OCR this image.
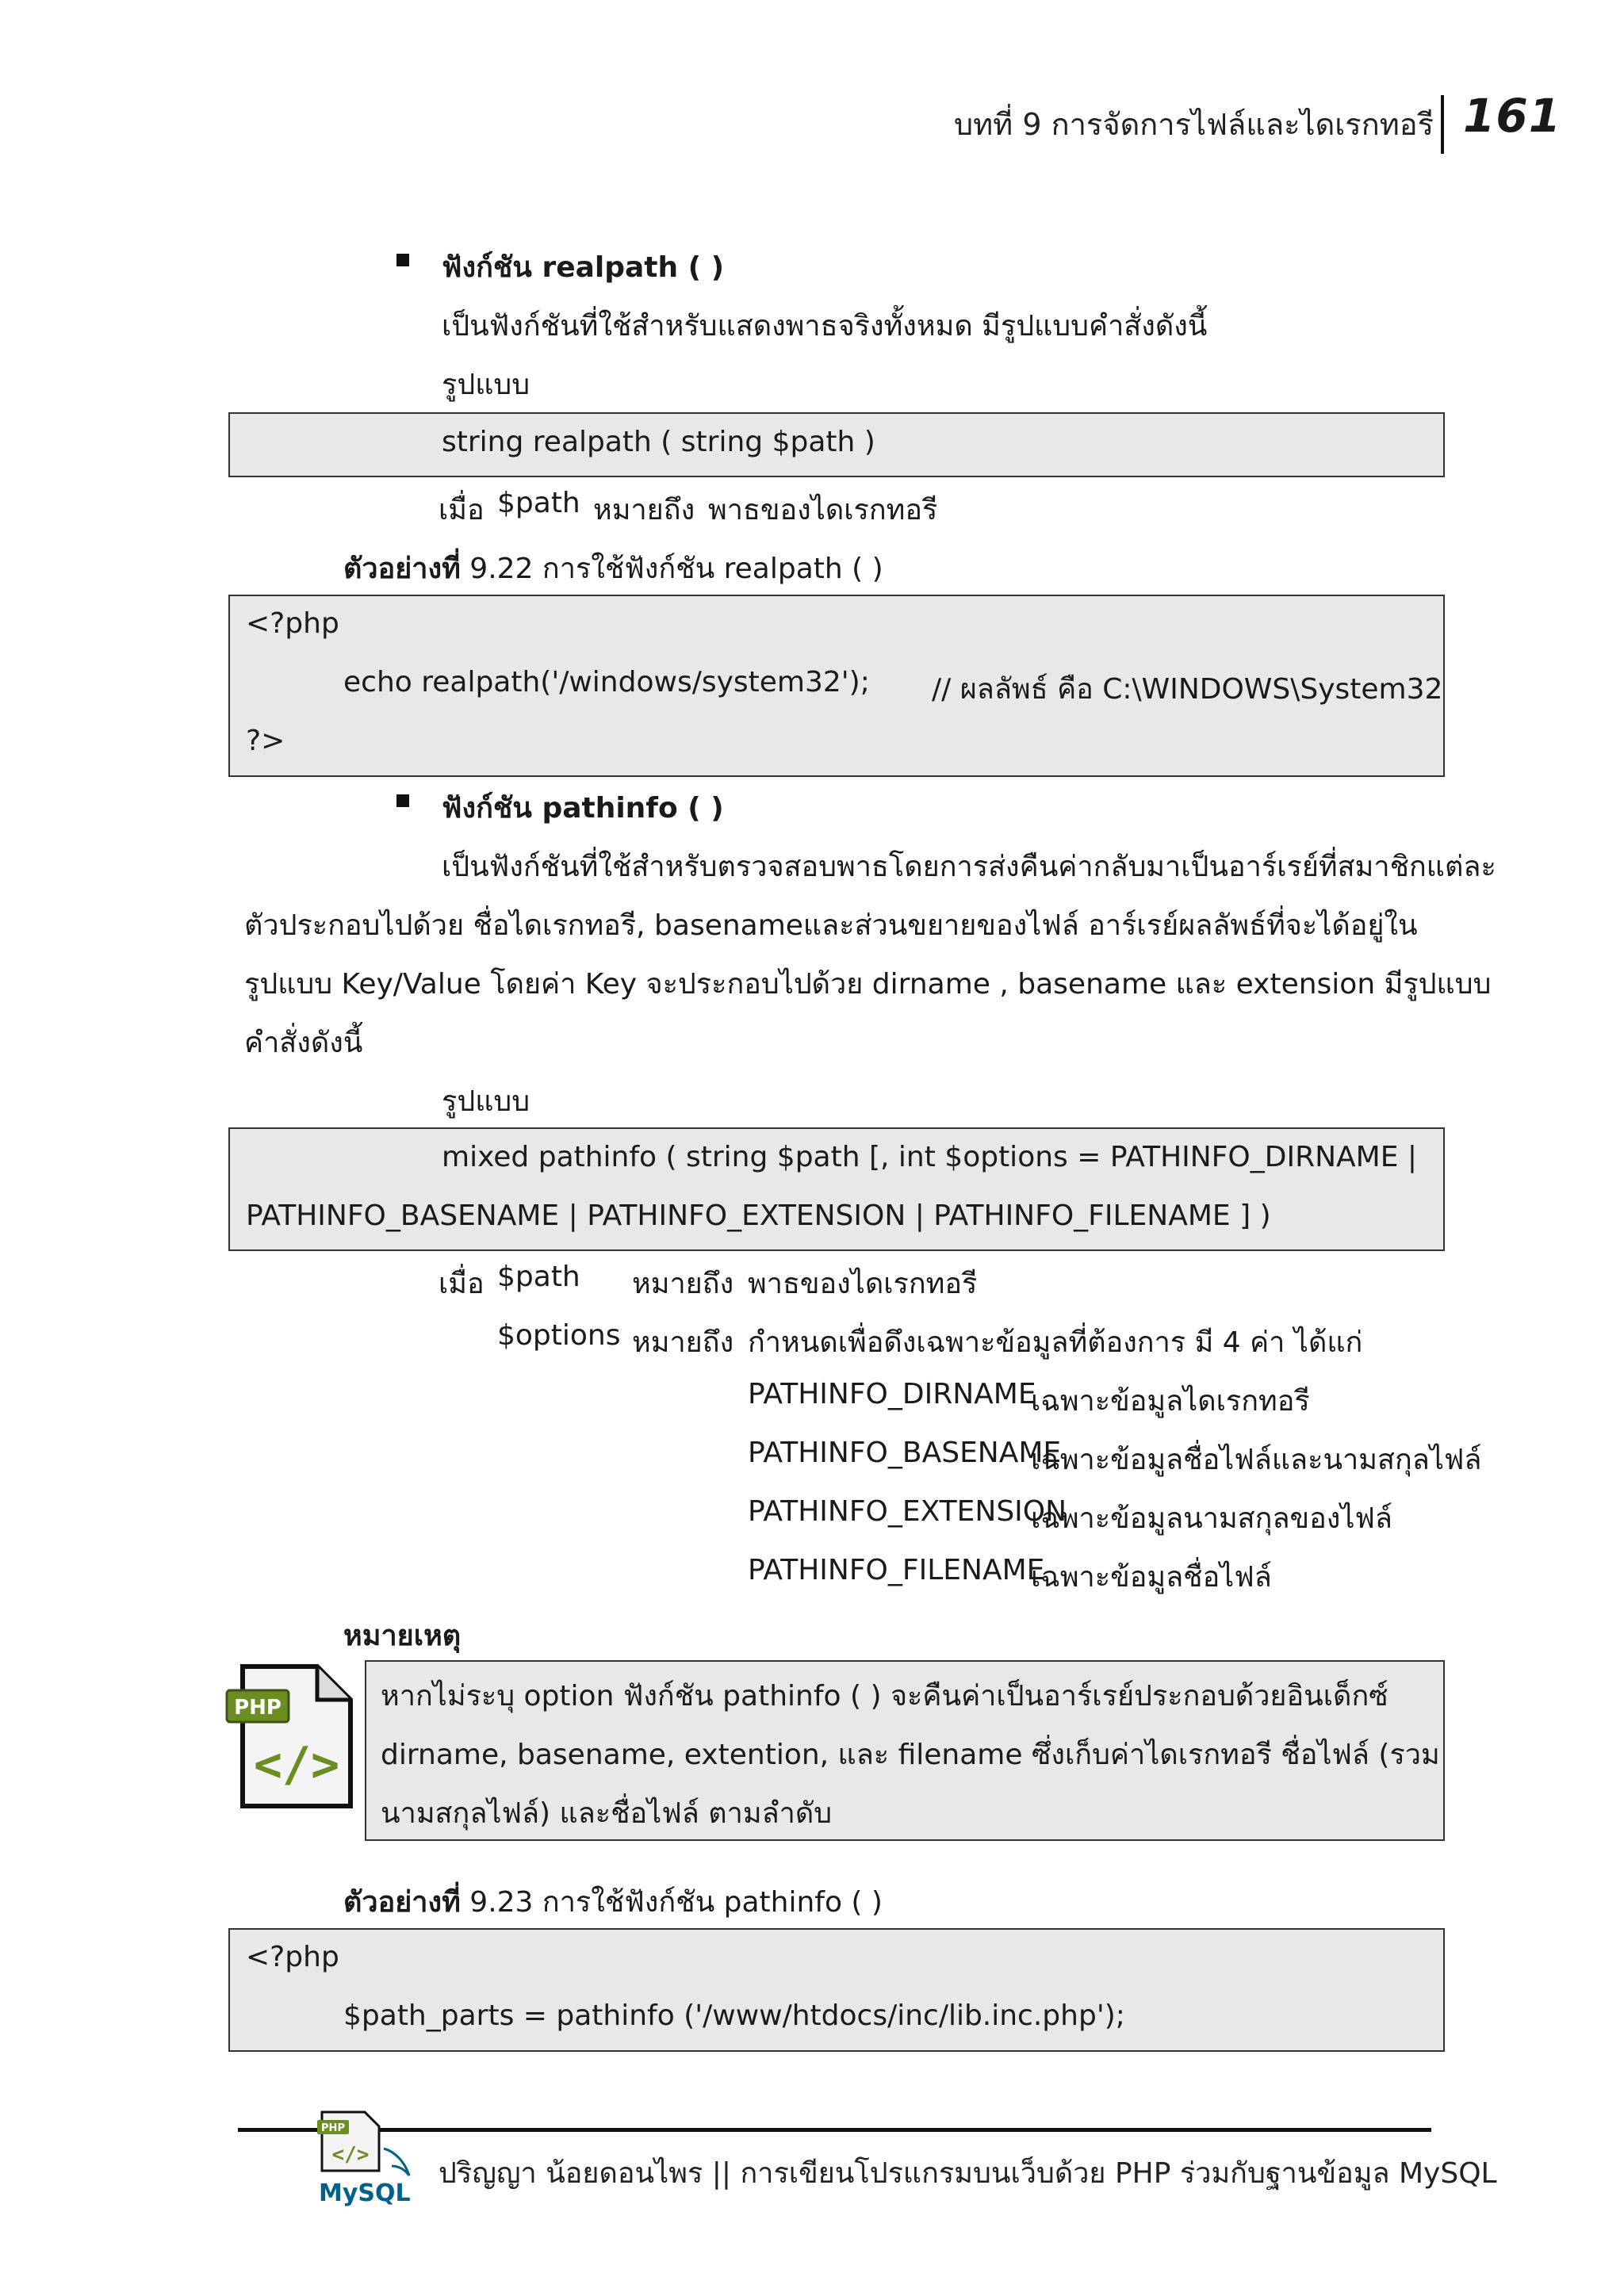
บทที่ 9 การจัดการไฟล์และไดเรกทอรี 161
ฟังก์ชัน realpath ( )
เป็นฟังก์ชันที่ใช้สำหรับแสดงพาธจริงทั้งหมด มีรูปแบบคำสั่งดังนี้
รูปแบบ
string realpath ( string $path )
เมื่อ $path หมายถึง พาธของไดเรกทอรี
ตัวอย่างที่ 9.22 การใช้ฟังก์ชัน realpath ( )
<?php
echo realpath('/windows/system32'); // ผลลัพธ์ คือ C:\WINDOWS\System32
?>
ฟังก์ชัน pathinfo ( )
เป็นฟังก์ชันที่ใช้สำหรับตรวจสอบพาธโดยการส่งคืนค่ากลับมาเป็นอาร์เรย์ที่สมาชิกแต่ละ
ตัวประกอบไปด้วย ชื่อไดเรกทอรี, basenameและส่วนขยายของไฟล์ อาร์เรย์ผลลัพธ์ที่จะได้อยู่ใน
รูปแบบ Key/Value โดยค่า Key จะประกอบไปด้วย dirname , basename และ extension มีรูปแบบ
คำสั่งดังนี้
รูปแบบ
mixed pathinfo ( string $path [, int $options = PATHINFO_DIRNAME |
PATHINFO_BASENAME | PATHINFO_EXTENSION | PATHINFO_FILENAME ] )
เมื่อ $path หมายถึง พาธของไดเรกทอรี
$options หมายถึง กำหนดเพื่อดึงเฉพาะข้อมูลที่ต้องการ มี 4 ค่า ได้แก่
PATHINFO_DIRNAME
เฉพาะข้อมูลไดเรกทอรี
PATHINFO_BASENAME
เฉพาะข้อมูลชื่อไฟล์และนามสกุลไฟล์
PATHINFO_EXTENSION
เฉพาะข้อมูลนามสกุลของไฟล์
PATHINFO_FILENAME
เฉพาะข้อมูลชื่อไฟล์
หมายเหตุ
PHP
</>
หากไม่ระบุ option ฟังก์ชัน pathinfo ( ) จะคืนค่าเป็นอาร์เรย์ประกอบด้วยอินเด็กซ์
dirname, basename, extention, และ filename ซึ่งเก็บค่าไดเรกทอรี ชื่อไฟล์ (รวม
นามสกุลไฟล์) และชื่อไฟล์ ตามลำดับ
ตัวอย่างที่ 9.23 การใช้ฟังก์ชัน pathinfo ( )
<?php
$path_parts = pathinfo ('/www/htdocs/inc/lib.inc.php');
PHP
</>
MySQL
ปริญญา น้อยดอนไพร || การเขียนโปรแกรมบนเว็บด้วย PHP ร่วมกับฐานข้อมูล MySQL
